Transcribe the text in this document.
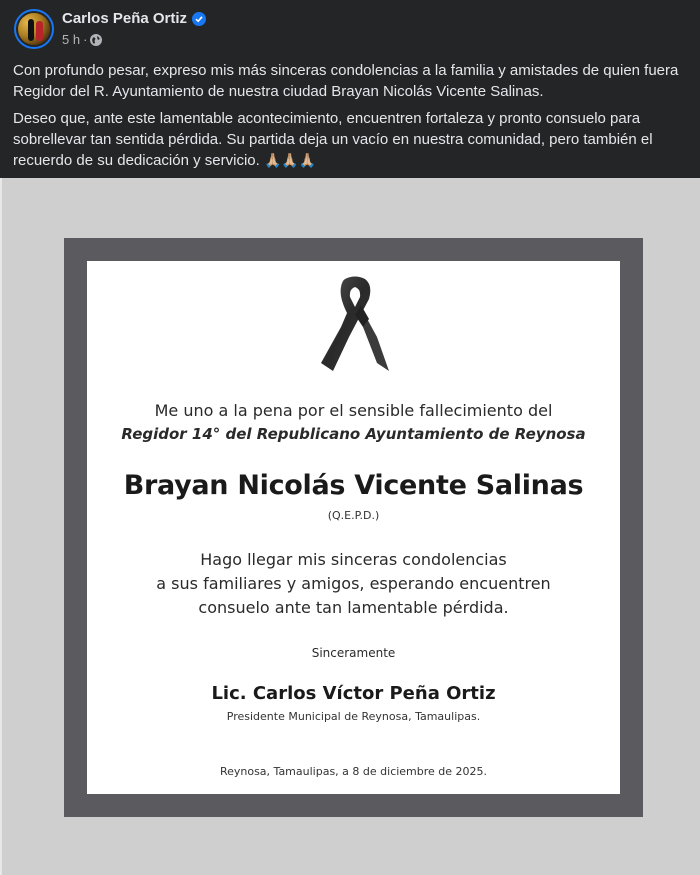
Carlos Peña Ortiz
5 h ·

Con profundo pesar, expreso mis más sinceras condolencias a la familia y amistades de quien fuera Regidor del R. Ayuntamiento de nuestra ciudad Brayan Nicolás Vicente Salinas.

Deseo que, ante este lamentable acontecimiento, encuentren fortaleza y pronto consuelo para sobrellevar tan sentida pérdida. Su partida deja un vacío en nuestra comunidad, pero también el recuerdo de su dedicación y servicio. 🙏🏼🙏🏼🙏🏼

Me uno a la pena por el sensible fallecimiento del
Regidor 14° del Republicano Ayuntamiento de Reynosa
Brayan Nicolás Vicente Salinas
(Q.E.P.D.)
Hago llegar mis sinceras condolencias
a sus familiares y amigos, esperando encuentren
consuelo ante tan lamentable pérdida.
Sinceramente
Lic. Carlos Víctor Peña Ortiz
Presidente Municipal de Reynosa, Tamaulipas.
Reynosa, Tamaulipas, a 8 de diciembre de 2025.
